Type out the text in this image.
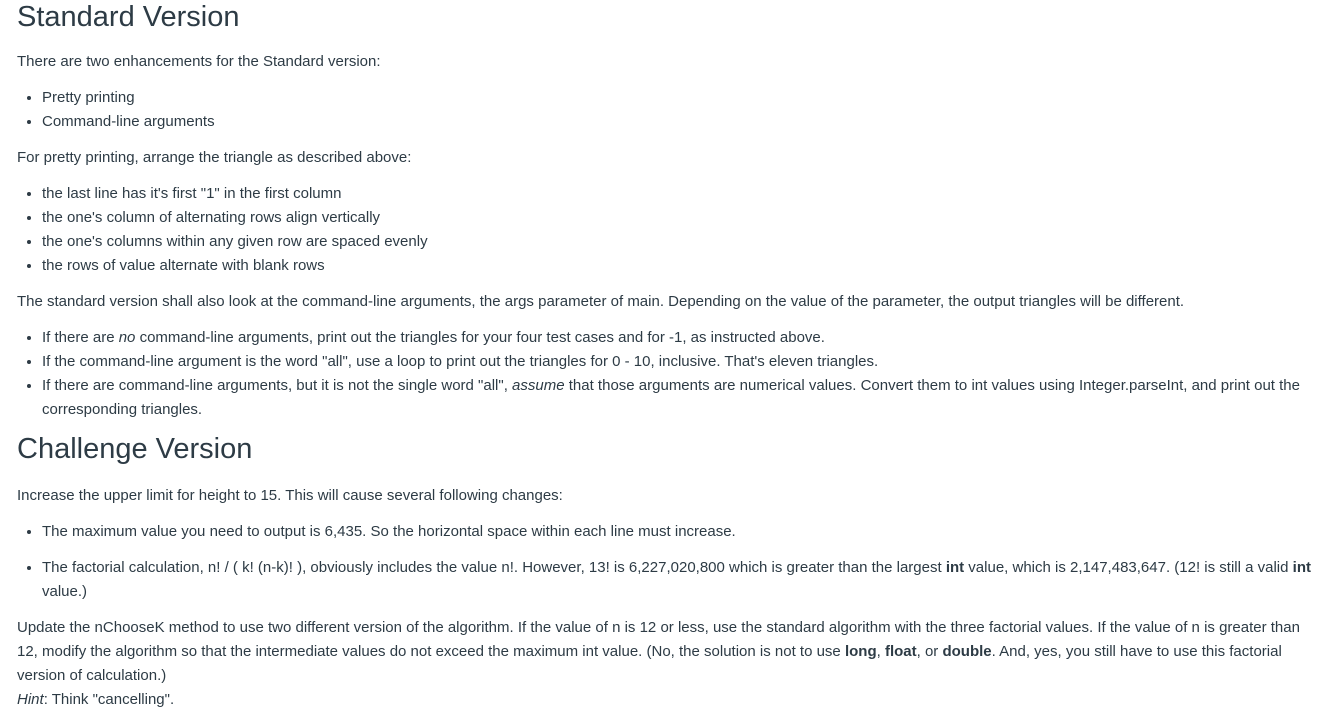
Standard Version

There are two enhancements for the Standard version:

• Pretty printing
• Command-line arguments

For pretty printing, arrange the triangle as described above:

• the last line has it's first "1" in the first column
• the one's column of alternating rows align vertically
• the one's columns within any given row are spaced evenly
• the rows of value alternate with blank rows

The standard version shall also look at the command-line arguments, the args parameter of main. Depending on the value of the parameter, the output triangles will be different.

• If there are no command-line arguments, print out the triangles for your four test cases and for -1, as instructed above.
• If the command-line argument is the word "all", use a loop to print out the triangles for 0 - 10, inclusive. That's eleven triangles.
• If there are command-line arguments, but it is not the single word "all", assume that those arguments are numerical values. Convert them to int values using Integer.parseInt, and print out the corresponding triangles.
Challenge Version

Increase the upper limit for height to 15. This will cause several following changes:

• The maximum value you need to output is 6,435. So the horizontal space within each line must increase.
• The factorial calculation, n! / ( k! (n-k)! ), obviously includes the value n!. However, 13! is 6,227,020,800 which is greater than the largest int value, which is 2,147,483,647. (12! is still a valid int value.)

Update the nChooseK method to use two different version of the algorithm. If the value of n is 12 or less, use the standard algorithm with the three factorial values. If the value of n is greater than 12, modify the algorithm so that the intermediate values do not exceed the maximum int value. (No, the solution is not to use long, float, or double. And, yes, you still have to use this factorial version of calculation.)
Hint: Think "cancelling".
